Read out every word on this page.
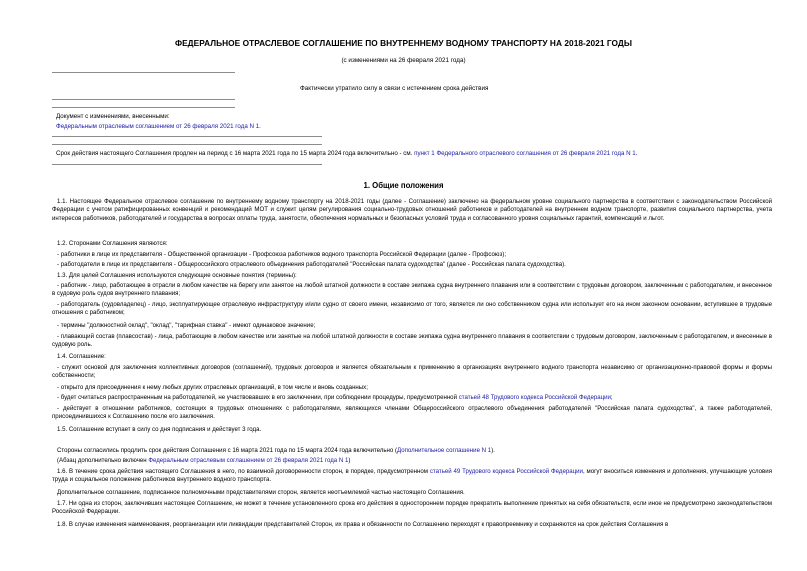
ФЕДЕРАЛЬНОЕ ОТРАСЛЕВОЕ СОГЛАШЕНИЕ ПО ВНУТРЕННЕМУ ВОДНОМУ ТРАНСПОРТУ НА 2018-2021 ГОДЫ
(с изменениями на 26 февраля 2021 года)
Фактически утратило силу в связи с истечением срока действия
Документ с изменениями, внесенными:
Федеральным отраслевым соглашением от 26 февраля 2021 года N 1.
Срок действия настоящего Соглашения продлен на период с 16 марта 2021 года по 15 марта 2024 года включительно - см. пункт 1 Федерального отраслевого соглашения от 26 февраля 2021 года N 1.
1. Общие положения
1.1. Настоящее Федеральное отраслевое соглашение по внутреннему водному транспорту на 2018-2021 годы (далее - Соглашение) заключено на федеральном уровне социального партнерства в соответствии с законодательством Российской Федерации с учетом ратифицированных конвенций и рекомендаций МОТ и служит целям регулирования социально-трудовых отношений работников и работодателей на внутреннем водном транспорте, развития социального партнерства, учета интересов работников, работодателей и государства в вопросах оплаты труда, занятости, обеспечения нормальных и безопасных условий труда и согласованного уровня социальных гарантий, компенсаций и льгот.
1.2. Сторонами Соглашения являются:
- работники в лице их представителя - Общественной организации - Профсоюза работников водного транспорта Российской Федерации (далее - Профсоюз);
- работодатели в лице их представителя - Общероссийского отраслевого объединения работодателей "Российская палата судоходства" (далее - Российская палата судоходства).
1.3. Для целей Соглашения используются следующие основные понятия (термины):
- работник - лицо, работающее в отрасли в любом качестве на берегу или занятое на любой штатной должности в составе экипажа судна внутреннего плавания или в соответствии с трудовым договором, заключенным с работодателем, и внесенное в судовую роль судов внутреннего плавания;
- работодатель (судовладелец) - лицо, эксплуатирующее отраслевую инфраструктуру и/или судно от своего имени, независимо от того, является ли оно собственником судна или использует его на ином законном основании, вступившее в трудовые отношения с работником;
- термины "должностной оклад", "оклад", "тарифная ставка" - имеют одинаковое значение;
- плавающий состав (плавсостав) - лица, работающие в любом качестве или занятые на любой штатной должности в составе экипажа судна внутреннего плавания в соответствии с трудовым договором, заключенным с работодателем, и внесенные в судовую роль.
1.4. Соглашение:
- служит основой для заключения коллективных договоров (соглашений), трудовых договоров и является обязательным к применению в организациях внутреннего водного транспорта независимо от организационно-правовой формы и формы собственности;
- открыто для присоединения к нему любых других отраслевых организаций, в том числе и вновь созданных;
- будет считаться распространенным на работодателей, не участвовавших в его заключении, при соблюдении процедуры, предусмотренной статьей 48 Трудового кодекса Российской Федерации;
- действует в отношении работников, состоящих в трудовых отношениях с работодателями, являющихся членами Общероссийского отраслевого объединения работодателей "Российская палата судоходства", а также работодателей, присоединившихся к Соглашению после его заключения.
1.5. Соглашение вступает в силу со дня подписания и действует 3 года.
Стороны согласились продлить срок действия Соглашения с 16 марта 2021 года по 15 марта 2024 года включительно (Дополнительное соглашение N 1).
(Абзац дополнительно включен Федеральным отраслевым соглашением от 26 февраля 2021 года N 1)
1.6. В течение срока действия настоящего Соглашения в него, по взаимной договоренности сторон, в порядке, предусмотренном статьей 49 Трудового кодекса Российской Федерации, могут вноситься изменения и дополнения, улучшающие условия труда и социальное положение работников внутреннего водного транспорта.
Дополнительное соглашение, подписанное полномочными представителями сторон, является неотъемлемой частью настоящего Соглашения.
1.7. Ни одна из сторон, заключивших настоящее Соглашение, не может в течение установленного срока его действия в одностороннем порядке прекратить выполнение принятых на себя обязательств, если иное не предусмотрено законодательством Российской Федерации.
1.8. В случае изменения наименования, реорганизации или ликвидации представителей Сторон, их права и обязанности по Соглашению переходят к правопреемнику и сохраняются на срок действия Соглашения в
